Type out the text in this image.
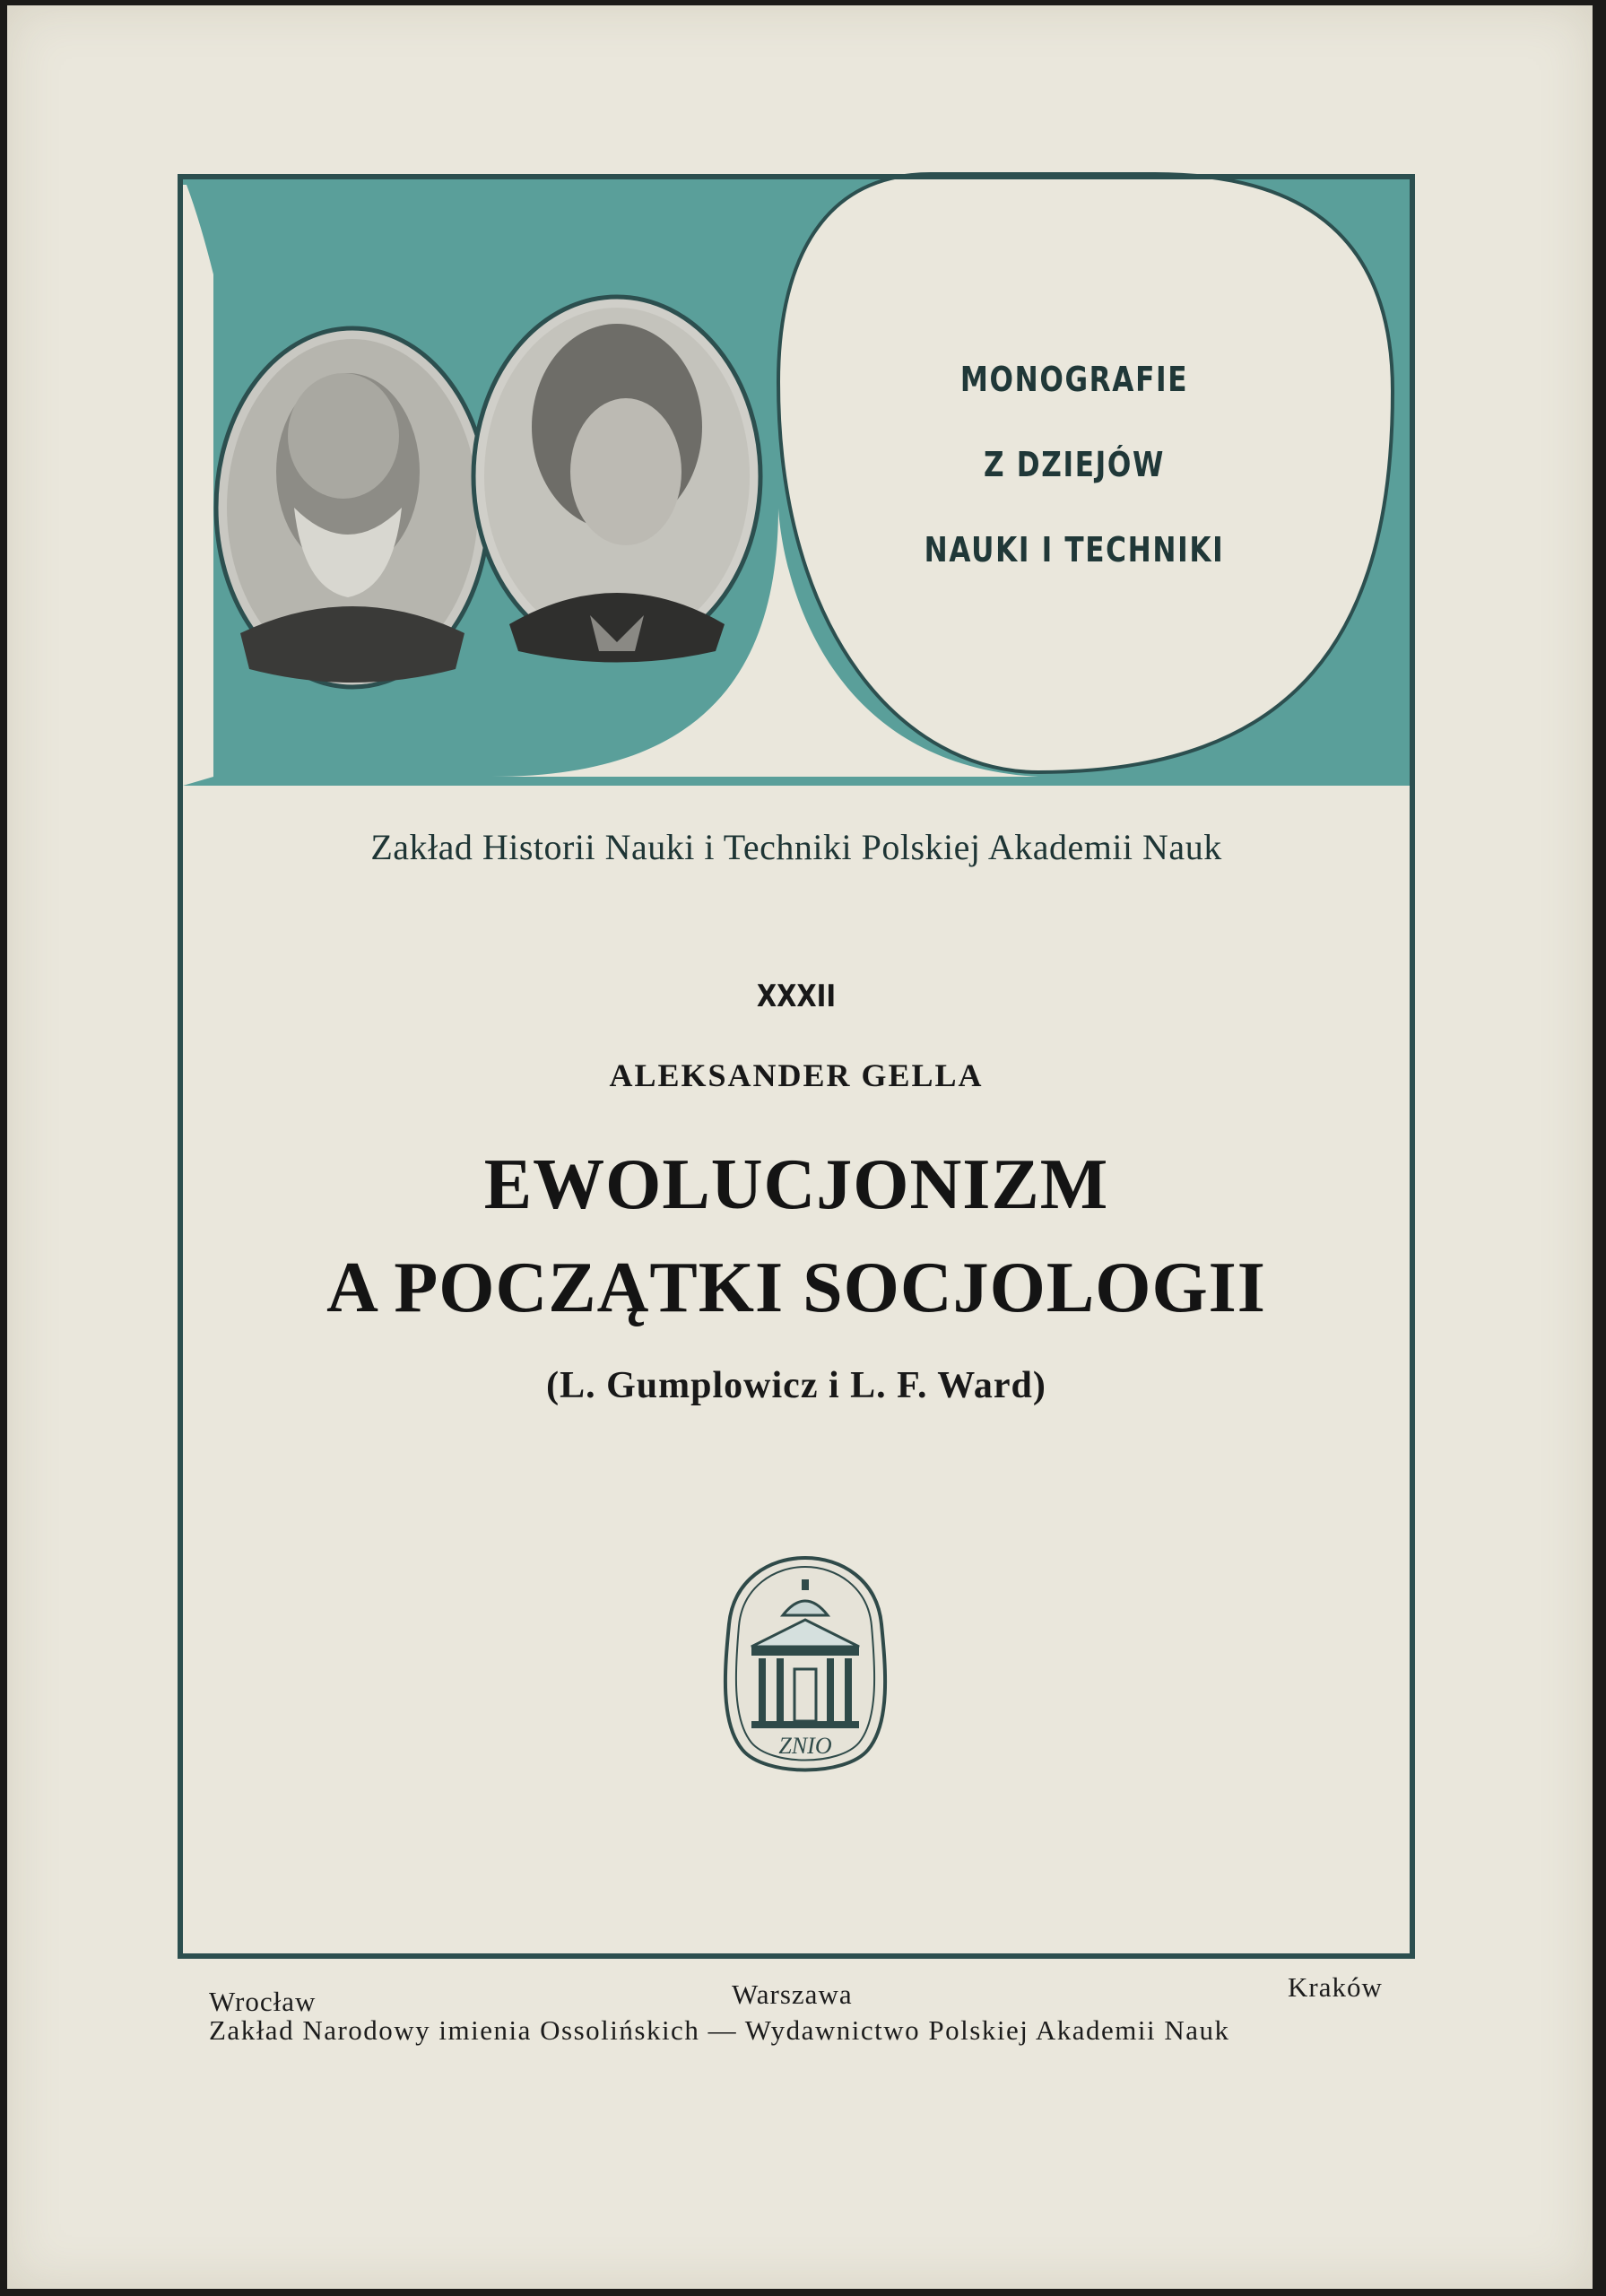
MONOGRAFIE
Z DZIEJÓW
NAUKI I TECHNIKI
Zakład Historii Nauki i Techniki Polskiej Akademii Nauk
XXXII
ALEKSANDER GELLA
EWOLUCJONIZM
A POCZĄTKI SOCJOLOGII
(L. Gumplowicz i L. F. Ward)
ZNIO
Wrocław	Warszawa	Kraków
Zakład Narodowy imienia Ossolińskich — Wydawnictwo Polskiej Akademii Nauk
